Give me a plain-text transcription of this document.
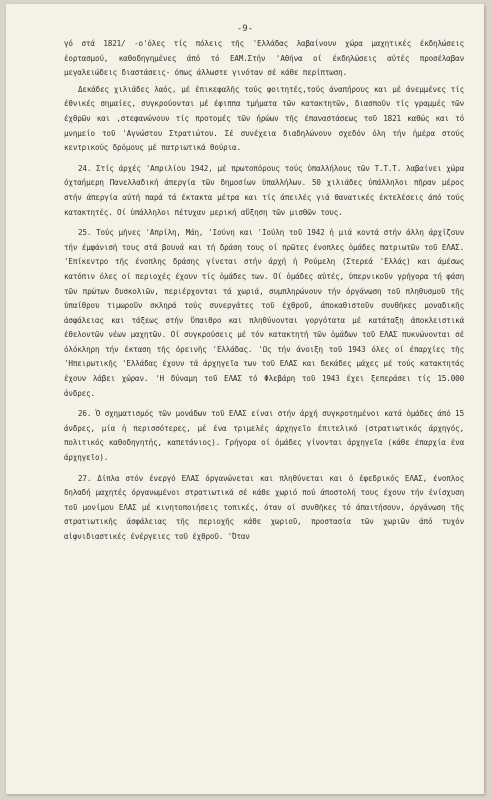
-9-

γό στά 1821/ -ο'όλες τίς πόλεις τῆς 'Ελλάδας λαβαίνουν χώρα μαχητικές έκδηλώσεις έορτασμού, καθοδηγημένες άπό τό ΕΑΜ.Στήν 'Αθήνα οί έκδηλώσεις αύτές προσέλαβαν μεγαλειώδεις διαστάσεις- όπως άλλωστε γινόταν σέ κάθε περίπτωση.

Δεκάδες χιλιάδες λαός, μέ έπικεφαλῆς τούς φοιτητές,τούς άναπήρους και μέ άνεμμένες τίς έθνικές σημαίες, συγκρούονται μέ έφιππα τμήματα τῶν κατακτητῶν, διασποῦν τίς γραμμές τῶν έχθρῶν και ,στεφανώνουν τίς προτομές τῶν ήρώων τῆς έπαναστάσεως τοῦ 1821 καθώς και τό μνημείο τοῦ 'Αγνώστου Στρατιώτου. Σέ συνέχεια διαδηλώνουν σχεδόν όλη τήν ἡμέρα στούς κεντρικούς δρόμους μέ πατριωτικά θούρια.

24. Στίς άρχές 'Απριλίου 1942, μέ πρωτοπόρους τούς ὑπαλλήλους τῶν Τ.Τ.Τ. λαβαίνει χώρα όχταήμερη Πανελλαδική άπεργία τῶν δημοσίων ὑπαλλήλων. 50 χιλιάδες ὑπάλληλοι πῆραν μέρος στήν άπεργία αύτή παρά τά έκτακτα μέτρα και τίς άπειλές γιά θανατικές έκτελέσεις άπό τούς κατακτητές. Οί ὑπάλληλοι πέτυχαν μερική αὔξηση τῶν μισθῶν τους.

25. Τούς μῆνες 'Απρίλη, Μάη, 'Ιούνη και 'Ιούλη τοῦ 1942 ἡ μιά κοντά στήν άλλη άρχίζουν τήν έμφάνισή τους στά βουνά και τή δράση τους οί πρῶτες ένοπλες ὁμάδες πατριωτῶν τοῦ ΕΛΑΣ. 'Επίκεντρο τῆς ένοπλης δράσης γίνεται στήν άρχή ἡ Ρούμελη (Στερεά 'Ελλάς) και άμέσως κατόπιν όλες οί περιοχές έχουν τίς ὁμάδες των. Οί ὁμάδες αὐτές, ὑπερνικοῦν γρήγορα τή φάση τῶν πρώτων δυσκολιῶν, περιέρχονται τά χωριά, συμπληρώνουν τήν όργάνωση τοῦ πληθυσμοῦ τῆς ὑπαίθρου τιμωροῦν σκληρά τούς συνεργάτες τοῦ έχθροῦ, άποκαθιστοῦν συνθῆκες μοναδικῆς άσφάλειας και τάξεως στήν ὕπαιθρο και πληθύνονται γοργότατα μέ κατάταξη άποκλειστικά έθελοντῶν νέων μαχητῶν. Οί συγκρούσεις μέ τόν κατακτητή τῶν ὁμάδων τοῦ ΕΛΑΣ πυκνώνονται σέ όλόκληρη τήν έκταση τῆς όρεινῆς 'Ελλάδας. 'Ως τήν άνοιξη τοῦ 1943 όλες οί έπαρχίες τῆς 'Ηπειρωτικῆς 'Ελλάδας έχουν τά άρχηγεῖα των τοῦ ΕΛΑΣ και δεκάδες μάχες μέ τούς κατακτητάς έχουν λάβει χώραν. 'Η δύναμη τοῦ ΕΛΑΣ τό Φλεβάρη τοῦ 1943 έχει ξεπεράσει τίς 15.000 άνδρες.

26. Ὁ σχηματισμός τῶν μονάδων τοῦ ΕΛΑΣ είναι στήν άρχή συγκροτημένοι κατά ὁμάδες άπό 15 άνδρες, μία ἡ περισσότερες, μέ ένα τριμελές άρχηγεῖο έπιτελικό (στρατιωτικός άρχηγός, πολιτικός καθοδηγητής, καπετάνιος). Γρήγορα οί ὁμάδες γίνονται άρχηγεῖα (κάθε έπαρχία ένα άρχηγεῖο).

27. Δίπλα στόν ένεργό ΕΛΑΣ όργανώνεται και πληθύνεται και ὁ έφεδρικός ΕΛΑΣ, ένοπλος δηλαδή μαχητές όργανωμένοι στρατιωτικά σέ κάθε χωριό πού άποστολή τους έχουν τήν ένίσχυση τοῦ μονίμου ΕΛΑΣ μέ κινητοποιήσεις τοπικές, όταν οί συνθῆκες τό άπαιτήσουν, όργάνωση τῆς στρατιωτικῆς άσφάλειας τῆς περιοχῆς κάθε χωριοῦ, προστασία τῶν χωριῶν άπό τυχόν αἰφνιδιαστικές ένέργειες τοῦ έχθροῦ. 'Όταν
